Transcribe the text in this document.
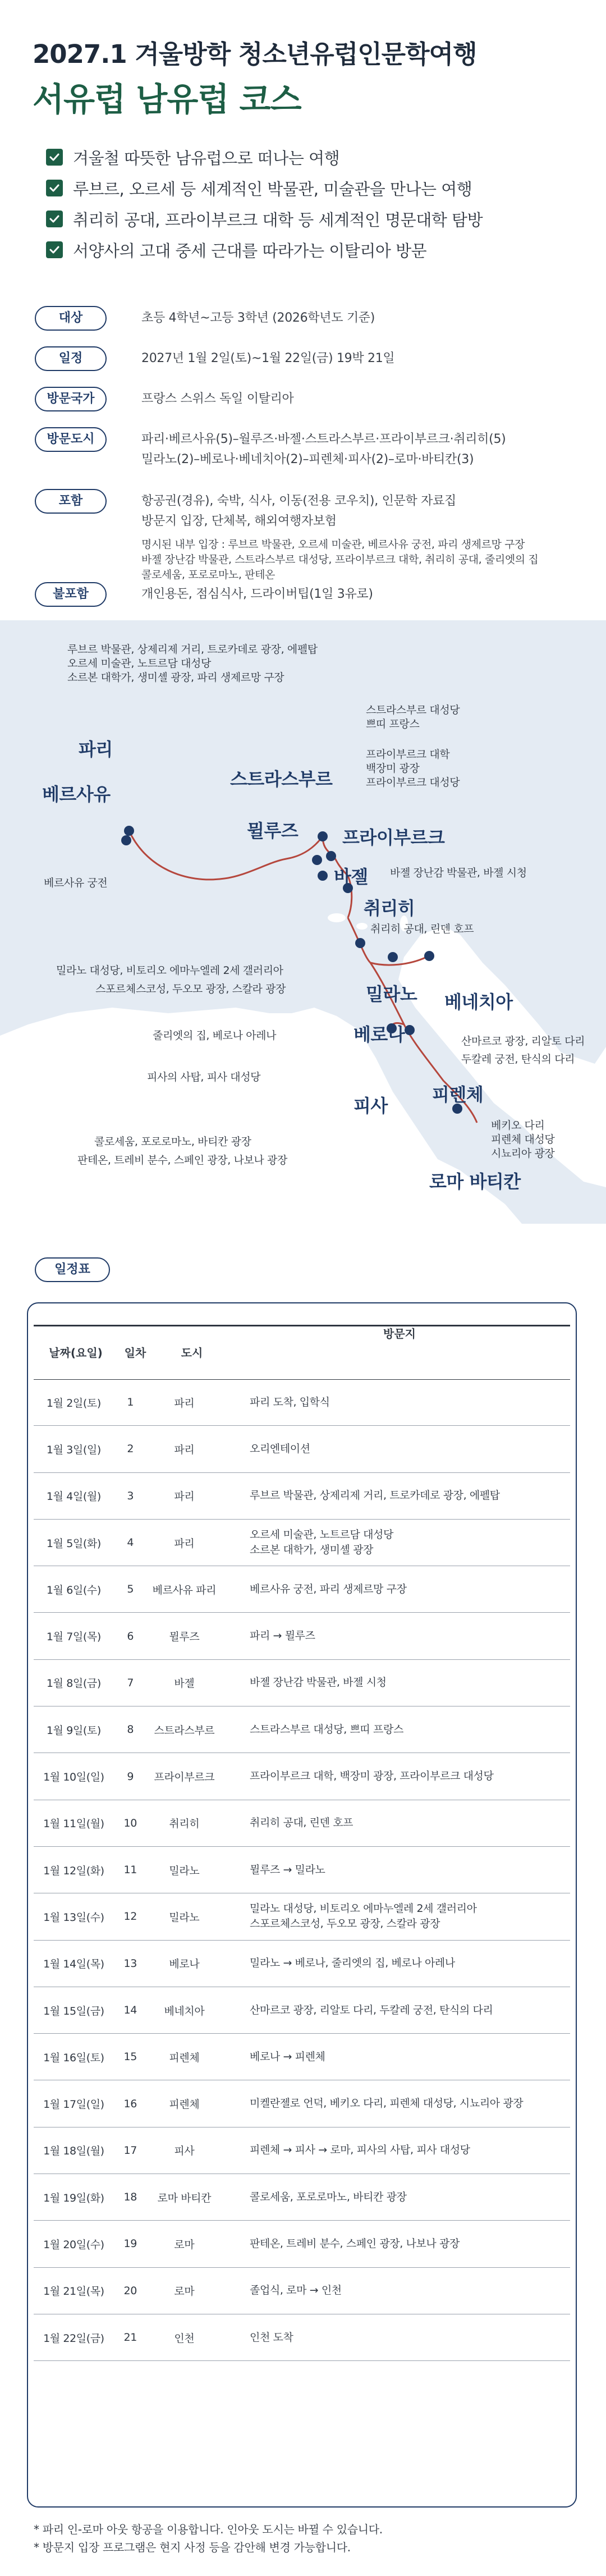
2027.1 겨울방학 청소년유럽인문학여행
서유럽 남유럽 코스
겨울철 따뜻한 남유럽으로 떠나는 여행
루브르, 오르세 등 세계적인 박물관, 미술관을 만나는 여행
취리히 공대, 프라이부르크 대학 등 세계적인 명문대학 탐방
서양사의 고대 중세 근대를 따라가는 이탈리아 방문
대상	초등 4학년~고등 3학년 (2026학년도 기준)
일정	2027년 1월 2일(토)~1월 22일(금) 19박 21일
방문국가	프랑스 스위스 독일 이탈리아
방문도시	파리·베르사유(5)–월루즈·바젤·스트라스부르·프라이부르크·취리히(5)
밀라노(2)–베로나·베네치아(2)–피렌체·피사(2)–로마·바티칸(3)
포함	항공권(경유), 숙박, 식사, 이동(전용 코우치), 인문학 자료집
방문지 입장, 단체복, 해외여행자보험
명시된 내부 입장 : 루브르 박물관, 오르세 미술관, 베르사유 궁전, 파리 생제르망 구장
바젤 장난감 박물관, 스트라스부르 대성당, 프라이부르크 대학, 취리히 공대, 줄리엣의 집
콜로세움, 포로로마노, 판테온
불포함	개인용돈, 점심식사, 드라이버팁(1일 3유로)
루브르 박물관, 상제리제 거리, 트로카데로 광장, 에펠탑
오르세 미술관, 노트르담 대성당
소르본 대학가, 생미셸 광장, 파리 생제르망 구장
파리
베르사유
베르사유 궁전
스트라스부르 대성당
쁘띠 프랑스
스트라스부르
프라이부르크 대학
백장미 광장
프라이부르크 대성당
뮐루즈 프라이부르크
바젤 바젤 장난감 박물관, 바젤 시청
취리히
취리히 공대, 린덴 호프
밀라노 대성당, 비토리오 에마누엘레 2세 갤러리아
스포르체스코성, 두오모 광장, 스칼라 광장	밀라노 베네치아
베로나
줄리엣의 집, 베로나 아레나	산마르코 광장, 리알토 다리
두칼레 궁전, 탄식의 다리
피사의 사탑, 피사 대성당
피렌체
피사
베키오 다리
피렌체 대성당
시뇨리아 광장
콜로세움, 포로로마노, 바티칸 광장
판테온, 트레비 분수, 스페인 광장, 나보나 광장
로마 바티칸
일정표
날짜(요일)	일차	도시
방문지
1월 2일(토)	1	파리	파리 도착, 입학식
1월 3일(일)	2	파리	오리엔테이션
1월 4일(월)	3	파리	루브르 박물관, 상제리제 거리, 트로카데로 광장, 에펠탑
1월 5일(화)	4	파리
오르세 미술관, 노트르담 대성당
소르본 대학가, 생미셸 광장
1월 6일(수)	5	베르사유 파리	베르사유 궁전, 파리 생제르망 구장
1월 7일(목)	6	뮐루즈	파리 → 뮐루즈
1월 8일(금)	7	바젤	바젤 장난감 박물관, 바젤 시청
1월 9일(토)	8	스트라스부르	스트라스부르 대성당, 쁘띠 프랑스
1월 10일(일)	9	프라이부르크	프라이부르크 대학, 백장미 광장, 프라이부르크 대성당
1월 11일(월)	10	취리히	취리히 공대, 린덴 호프
1월 12일(화)	11	밀라노	뮐루즈 → 밀라노
1월 13일(수)	12	밀라노
밀라노 대성당, 비토리오 에마누엘레 2세 갤러리아
스포르체스코성, 두오모 광장, 스칼라 광장
1월 14일(목)	13	베로나	밀라노 → 베로나, 줄리엣의 집, 베로나 아레나
1월 15일(금)	14	베네치아	산마르코 광장, 리알토 다리, 두칼레 궁전, 탄식의 다리
1월 16일(토)	15	피렌체	베로나 → 피렌체
1월 17일(일)	16	피렌체	미켈란젤로 언덕, 베키오 다리, 피렌체 대성당, 시뇨리아 광장
1월 18일(월)	17	피사	피렌체 → 피사 → 로마, 피사의 사탑, 피사 대성당
1월 19일(화)	18	로마 바티칸	콜로세움, 포로로마노, 바티칸 광장
1월 20일(수)	19	로마	판테온, 트레비 분수, 스페인 광장, 나보나 광장
1월 21일(목)	20	로마	졸업식, 로마 → 인천
1월 22일(금)	21	인천	인천 도착
* 파리 인-로마 아웃 항공을 이용합니다. 인아웃 도시는 바뀔 수 있습니다.
* 방문지 입장 프로그램은 현지 사정 등을 감안해 변경 가능합니다.
